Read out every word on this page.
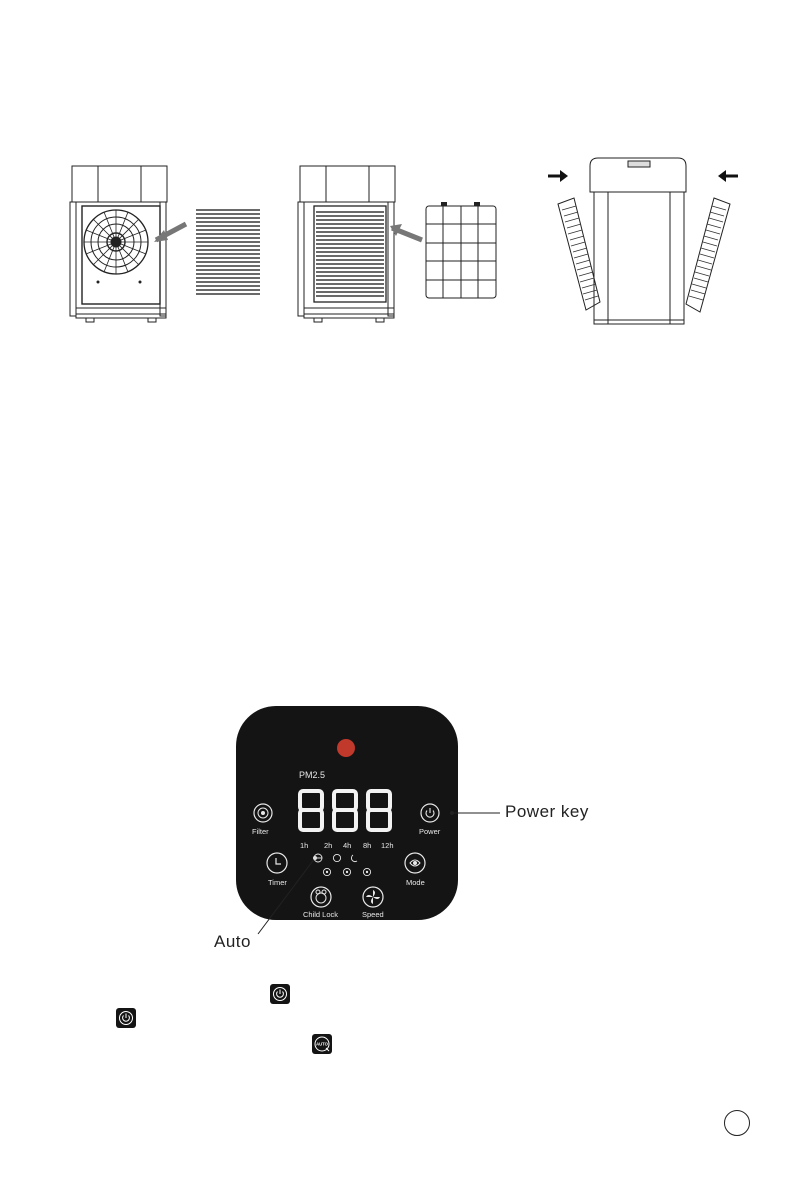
PM2.5
Filter	Power
1h 2h 4h 8h 12h
Timer	Mode
Child Lock	Speed
Power key
Auto
AUTO
